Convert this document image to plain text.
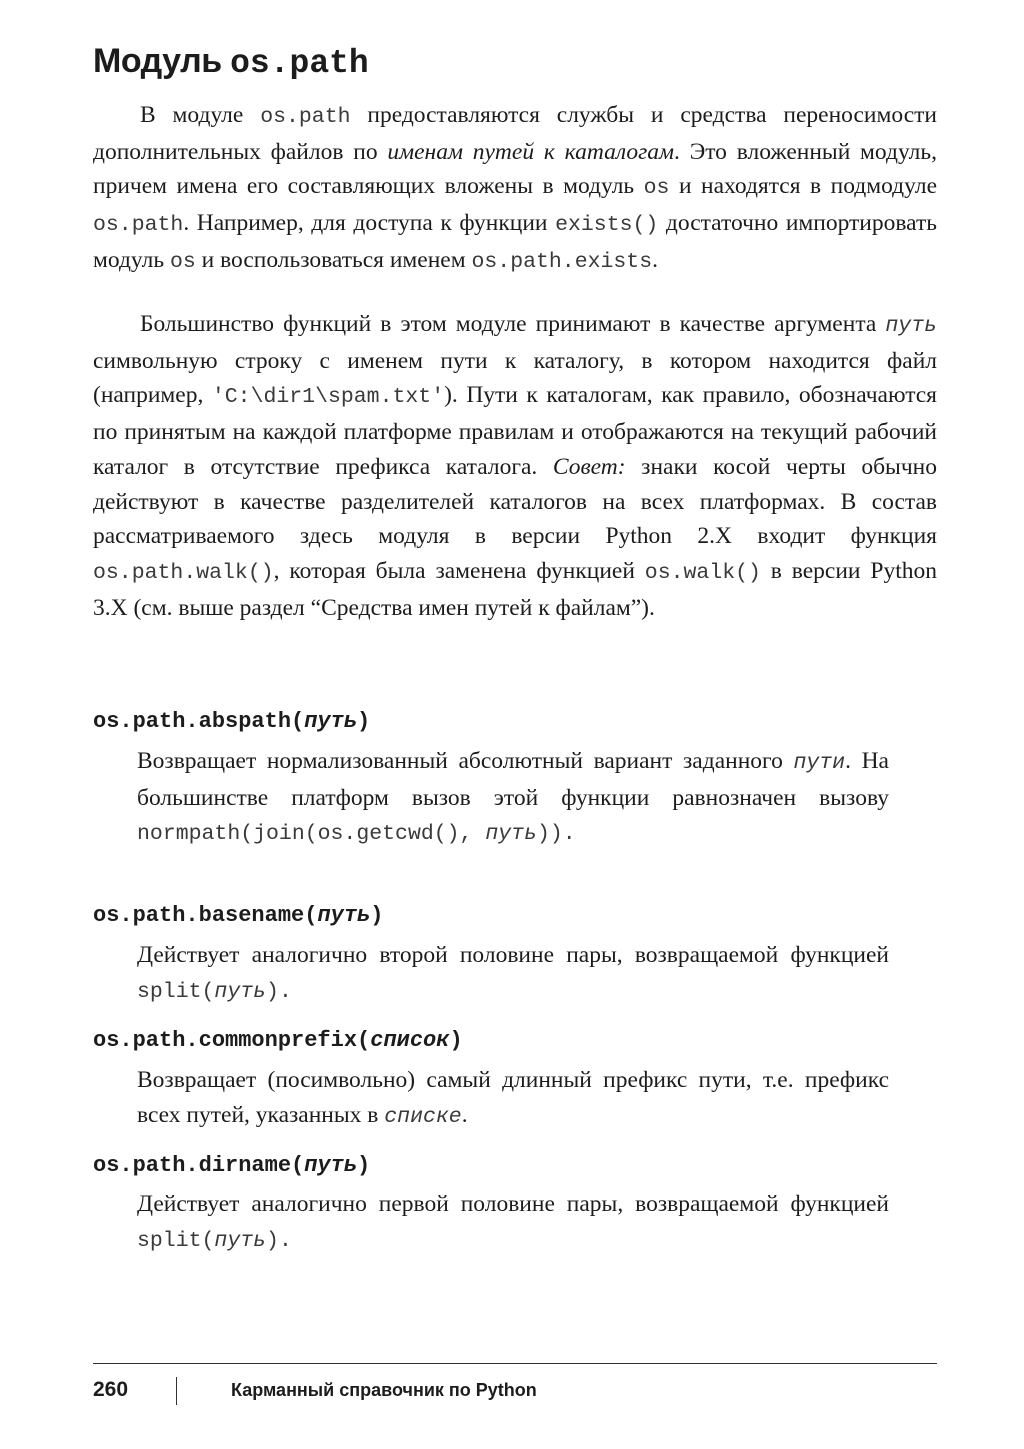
Модуль os.path

В модуле os.path предоставляются службы и средства переносимости дополнительных файлов по именам путей к каталогам. Это вложенный модуль, причем имена его составляющих вложены в модуль os и находятся в подмодуле os.path. Например, для доступа к функции exists() достаточно импортировать модуль os и воспользоваться именем os.path.exists.

Большинство функций в этом модуле принимают в качестве аргумента путь символьную строку с именем пути к каталогу, в котором находится файл (например, 'C:\dir1\spam.txt'). Пути к каталогам, как правило, обозначаются по принятым на каждой платформе правилам и отображаются на текущий рабочий каталог в отсутствие префикса каталога. Совет: знаки косой черты обычно действуют в качестве разделителей каталогов на всех платформах. В состав рассматриваемого здесь модуля в версии Python 2.X входит функция os.path.walk(), которая была заменена функцией os.walk() в версии Python 3.X (см. выше раздел “Средства имен путей к файлам”).

os.path.abspath(путь)

Возвращает нормализованный абсолютный вариант заданного пути. На большинстве платформ вызов этой функции равнозначен вызову normpath(join(os.getcwd(), путь)).

os.path.basename(путь)

Действует аналогично второй половине пары, возвращаемой функцией split(путь).

os.path.commonprefix(список)

Возвращает (посимвольно) самый длинный префикс пути, т.е. префикс всех путей, указанных в списке.

os.path.dirname(путь)

Действует аналогично первой половине пары, возвращаемой функцией split(путь).

260	Карманный справочник по Python
